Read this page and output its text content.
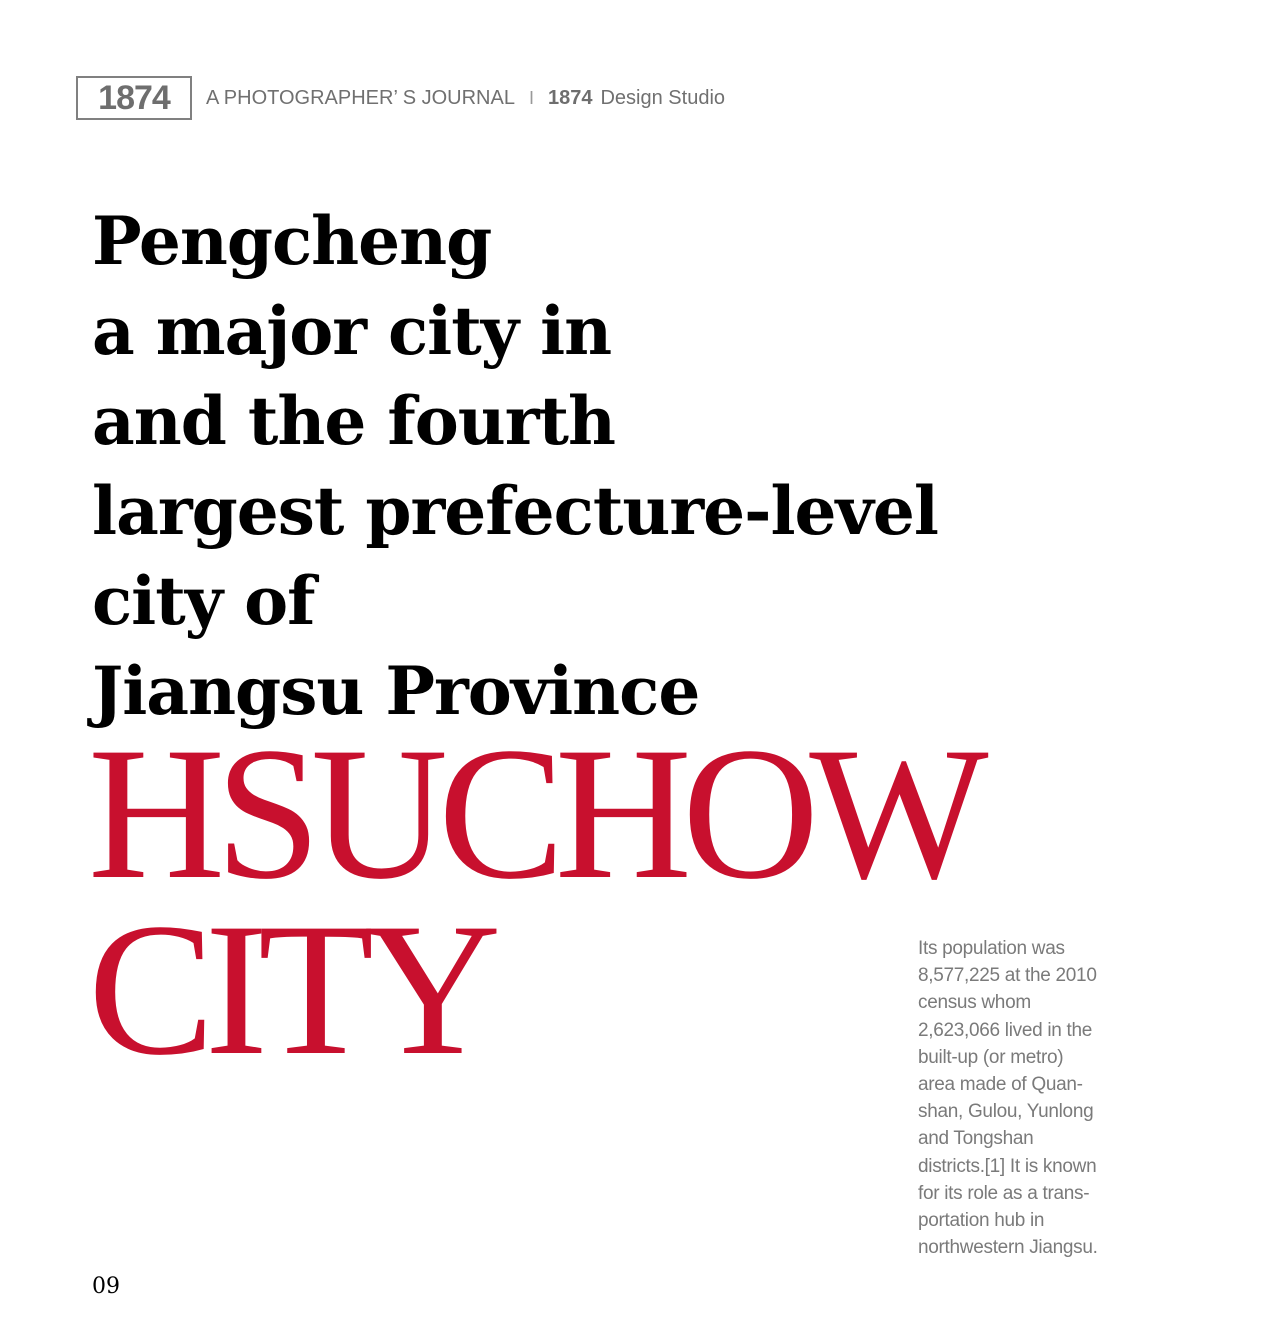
1874	A PHOTOGRAPHER’ S JOURNAL I 1874 Design Studio
Pengcheng
a major city in
and the fourth
largest prefecture-level
city of
Jiangsu Province
HSUCHOW
CITY	Its population was
8,577,225 at the 2010
census whom
2,623,066 lived in the
built-up (or metro)
area made of Quan-
shan, Gulou, Yunlong
and Tongshan
districts.[1] It is known
for its role as a trans-
portation hub in
northwestern Jiangsu.

09
